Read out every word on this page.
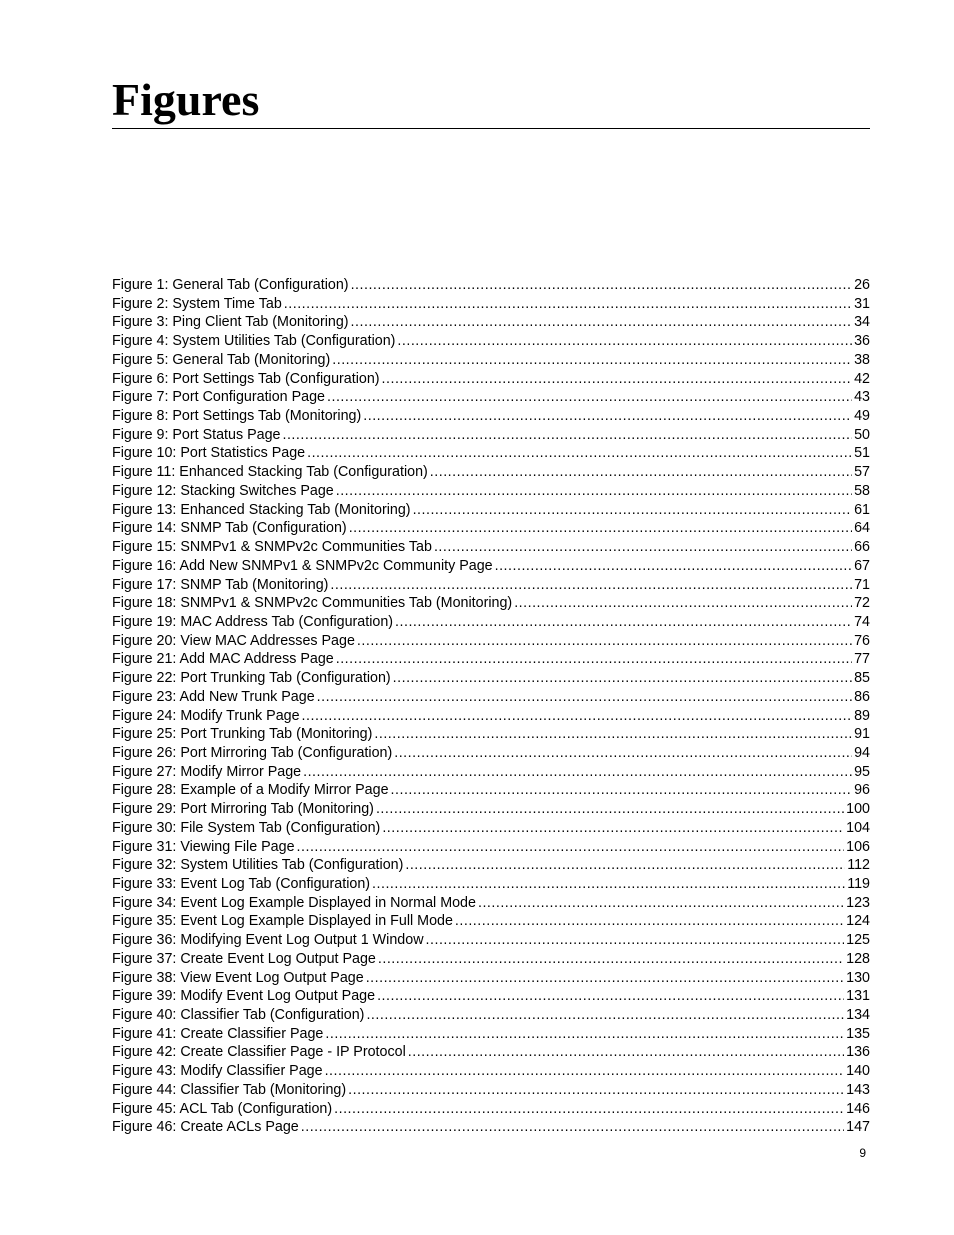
Figures
Figure 1: General Tab (Configuration) .....	26
Figure 2: System Time Tab .....	31
Figure 3: Ping Client Tab (Monitoring) .....	34
Figure 4: System Utilities Tab (Configuration) .....	36
Figure 5: General Tab (Monitoring) .....	38
Figure 6: Port Settings Tab (Configuration) .....	42
Figure 7: Port Configuration Page .....	43
Figure 8: Port Settings Tab (Monitoring) .....	49
Figure 9: Port Status Page .....	50
Figure 10: Port Statistics Page .....	51
Figure 11: Enhanced Stacking Tab (Configuration) .....	57
Figure 12: Stacking Switches Page .....	58
Figure 13: Enhanced Stacking Tab (Monitoring) .....	61
Figure 14: SNMP Tab (Configuration) .....	64
Figure 15: SNMPv1 & SNMPv2c Communities Tab .....	66
Figure 16: Add New SNMPv1 & SNMPv2c Community Page .....	67
Figure 17: SNMP Tab (Monitoring) .....	71
Figure 18: SNMPv1 & SNMPv2c Communities Tab (Monitoring) .....	72
Figure 19: MAC Address Tab (Configuration) .....	74
Figure 20: View MAC Addresses Page .....	76
Figure 21: Add MAC Address Page .....	77
Figure 22: Port Trunking Tab (Configuration) .....	85
Figure 23: Add New Trunk Page .....	86
Figure 24: Modify Trunk Page .....	89
Figure 25: Port Trunking Tab (Monitoring) .....	91
Figure 26: Port Mirroring Tab (Configuration) .....	94
Figure 27: Modify Mirror Page .....	95
Figure 28: Example of a Modify Mirror Page .....	96
Figure 29: Port Mirroring Tab (Monitoring) .....	100
Figure 30: File System Tab (Configuration) .....	104
Figure 31: Viewing File Page .....	106
Figure 32: System Utilities Tab (Configuration) .....	112
Figure 33: Event Log Tab (Configuration) .....	119
Figure 34: Event Log Example Displayed in Normal Mode .....	123
Figure 35: Event Log Example Displayed in Full Mode .....	124
Figure 36: Modifying Event Log Output 1 Window .....	125
Figure 37: Create Event Log Output Page .....	128
Figure 38: View Event Log Output Page .....	130
Figure 39: Modify Event Log Output Page .....	131
Figure 40: Classifier Tab (Configuration) .....	134
Figure 41: Create Classifier Page .....	135
Figure 42: Create Classifier Page - IP Protocol .....	136
Figure 43: Modify Classifier Page .....	140
Figure 44: Classifier Tab (Monitoring) .....	143
Figure 45: ACL Tab (Configuration) .....	146
Figure 46: Create ACLs Page .....	147
9
